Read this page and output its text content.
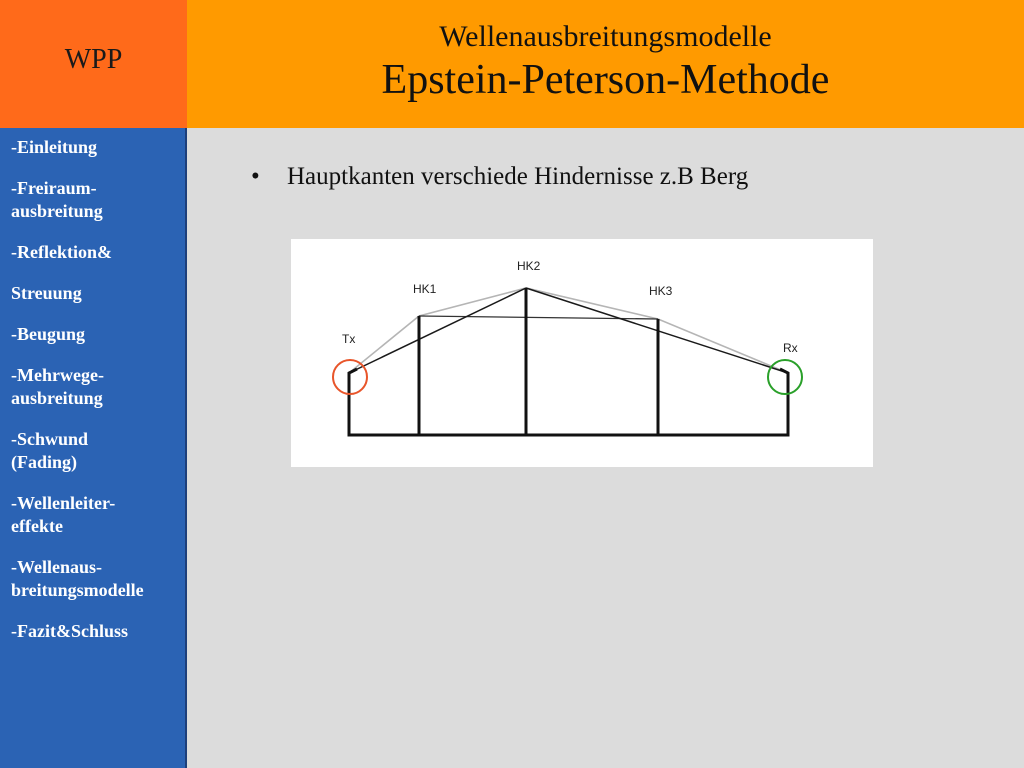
WPP
Wellenausbreitungsmodelle
Epstein-Peterson-Methode
-Einleitung
-Freiraum-
ausbreitung
-Reflektion&
Streuung
-Beugung
-Mehrwege-
ausbreitung
-Schwund
(Fading)
-Wellenleiter-
effekte
-Wellenaus-
breitungsmodelle
-Fazit&Schluss
•	Hauptkanten verschiede Hindernisse z.B Berg
Tx
HK1
HK2
HK3
Rx
